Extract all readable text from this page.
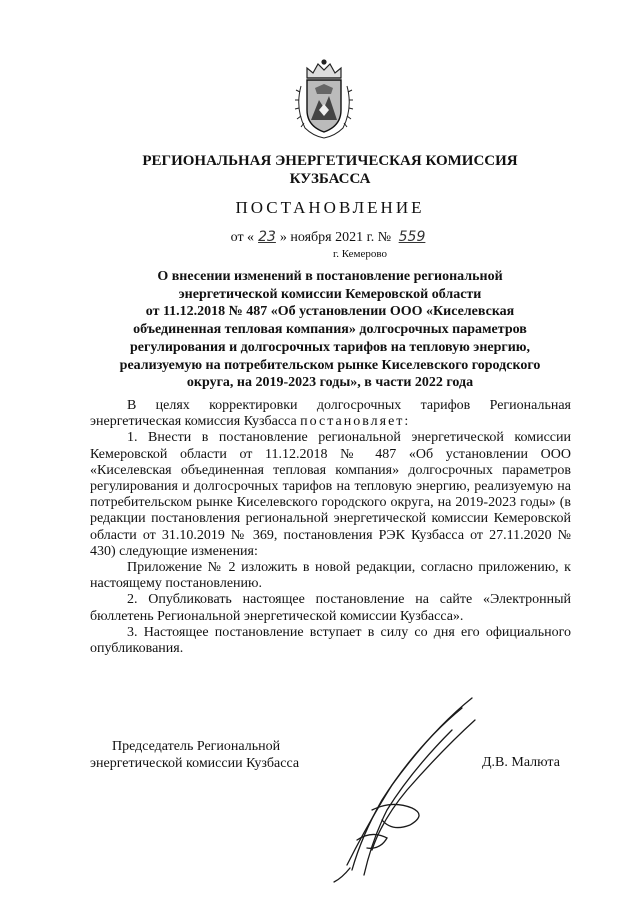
РЕГИОНАЛЬНАЯ ЭНЕРГЕТИЧЕСКАЯ КОМИССИЯ
КУЗБАССА
ПОСТАНОВЛЕНИЕ
от « 23 » ноября 2021 г. № 559
г. Кемерово
О внесении изменений в постановление региональной
энергетической комиссии Кемеровской области
от 11.12.2018 № 487 «Об установлении ООО «Киселевская
объединенная тепловая компания» долгосрочных параметров
регулирования и долгосрочных тарифов на тепловую энергию,
реализуемую на потребительском рынке Киселевского городского
округа, на 2019-2023 годы», в части 2022 года

В целях корректировки долгосрочных тарифов Региональная энергетическая комиссия Кузбасса постановляет:

1. Внести в постановление региональной энергетической комиссии Кемеровской области от 11.12.2018 № 487 «Об установлении ООО «Киселевская объединенная тепловая компания» долгосрочных параметров регулирования и долгосрочных тарифов на тепловую энергию, реализуемую на потребительском рынке Киселевского городского округа, на 2019-2023 годы» (в редакции постановления региональной энергетической комиссии Кемеровской области от 31.10.2019 № 369, постановления РЭК Кузбасса от 27.11.2020 № 430) следующие изменения:

Приложение № 2 изложить в новой редакции, согласно приложению, к настоящему постановлению.

2. Опубликовать настоящее постановление на сайте «Электронный бюллетень Региональной энергетической комиссии Кузбасса».

3. Настоящее постановление вступает в силу со дня его официального опубликования.

Председатель Региональной
энергетической комиссии Кузбасса	Д.В. Малюта
